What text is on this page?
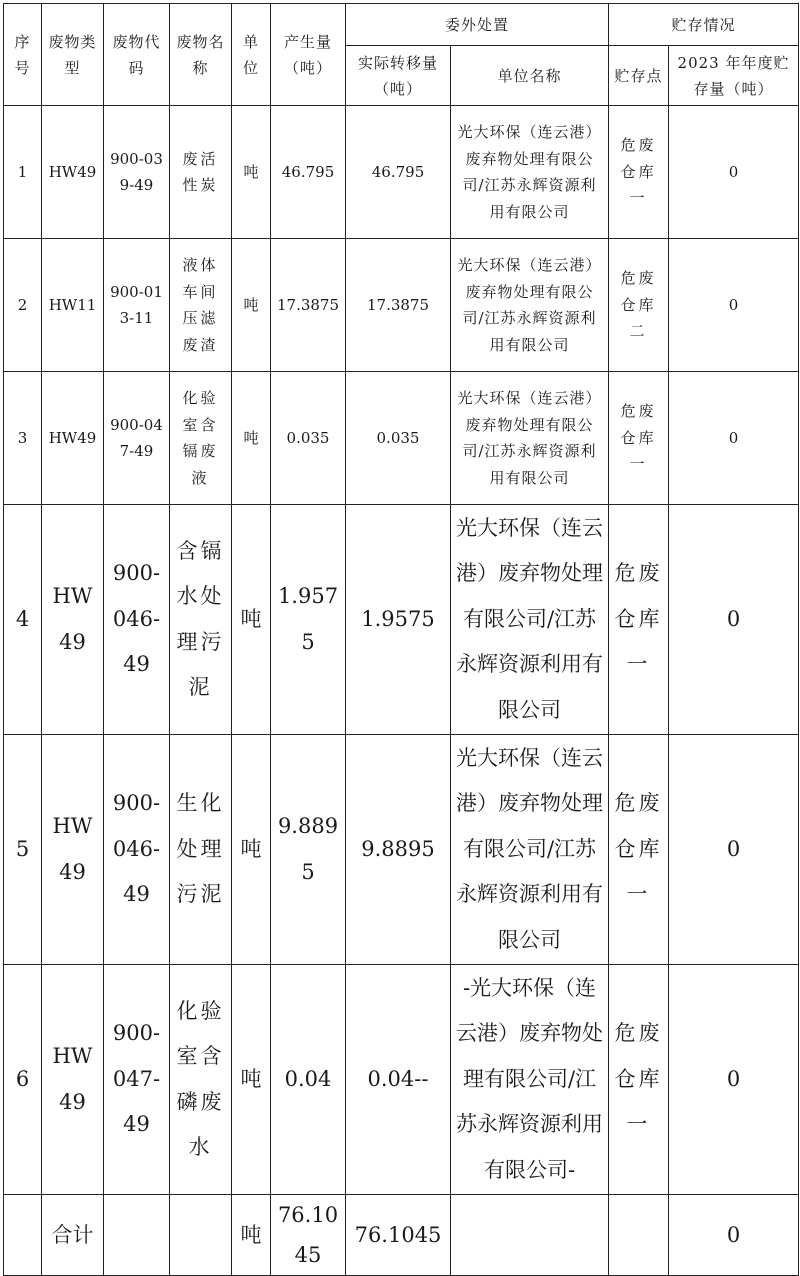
序号	废物类型	废物代码	废物名称	单位	产生量（吨）	委外处置		贮存情况	
						实际转移量（吨）	单位名称	贮存点	2023 年年度贮存量（吨）
1	HW49	900-039-49	废活性炭	吨	46.795	46.795	光大环保（连云港）废弃物处理有限公司/江苏永辉资源利用有限公司	危废仓库一	0
2	HW11	900-013-11	液体车间压滤废渣	吨	17.3875	17.3875	光大环保（连云港）废弃物处理有限公司/江苏永辉资源利用有限公司	危废仓库二	0
3	HW49	900-047-49	化验室含镉废液	吨	0.035	0.035	光大环保（连云港）废弃物处理有限公司/江苏永辉资源利用有限公司	危废仓库一	0
4	HW49	900-046-49	含镉水处理污泥	吨	1.9575	1.9575	光大环保（连云港）废弃物处理有限公司/江苏永辉资源利用有限公司	危废仓库一	0
5	HW49	900-046-49	生化处理污泥	吨	9.8895	9.8895	光大环保（连云港）废弃物处理有限公司/江苏永辉资源利用有限公司	危废仓库一	0
6	HW49	900-047-49	化验室含磷废水	吨	0.04	0.04--	-光大环保（连云港）废弃物处理有限公司/江苏永辉资源利用有限公司-	危废仓库一	0
	合计			吨	76.1045	76.1045			0
